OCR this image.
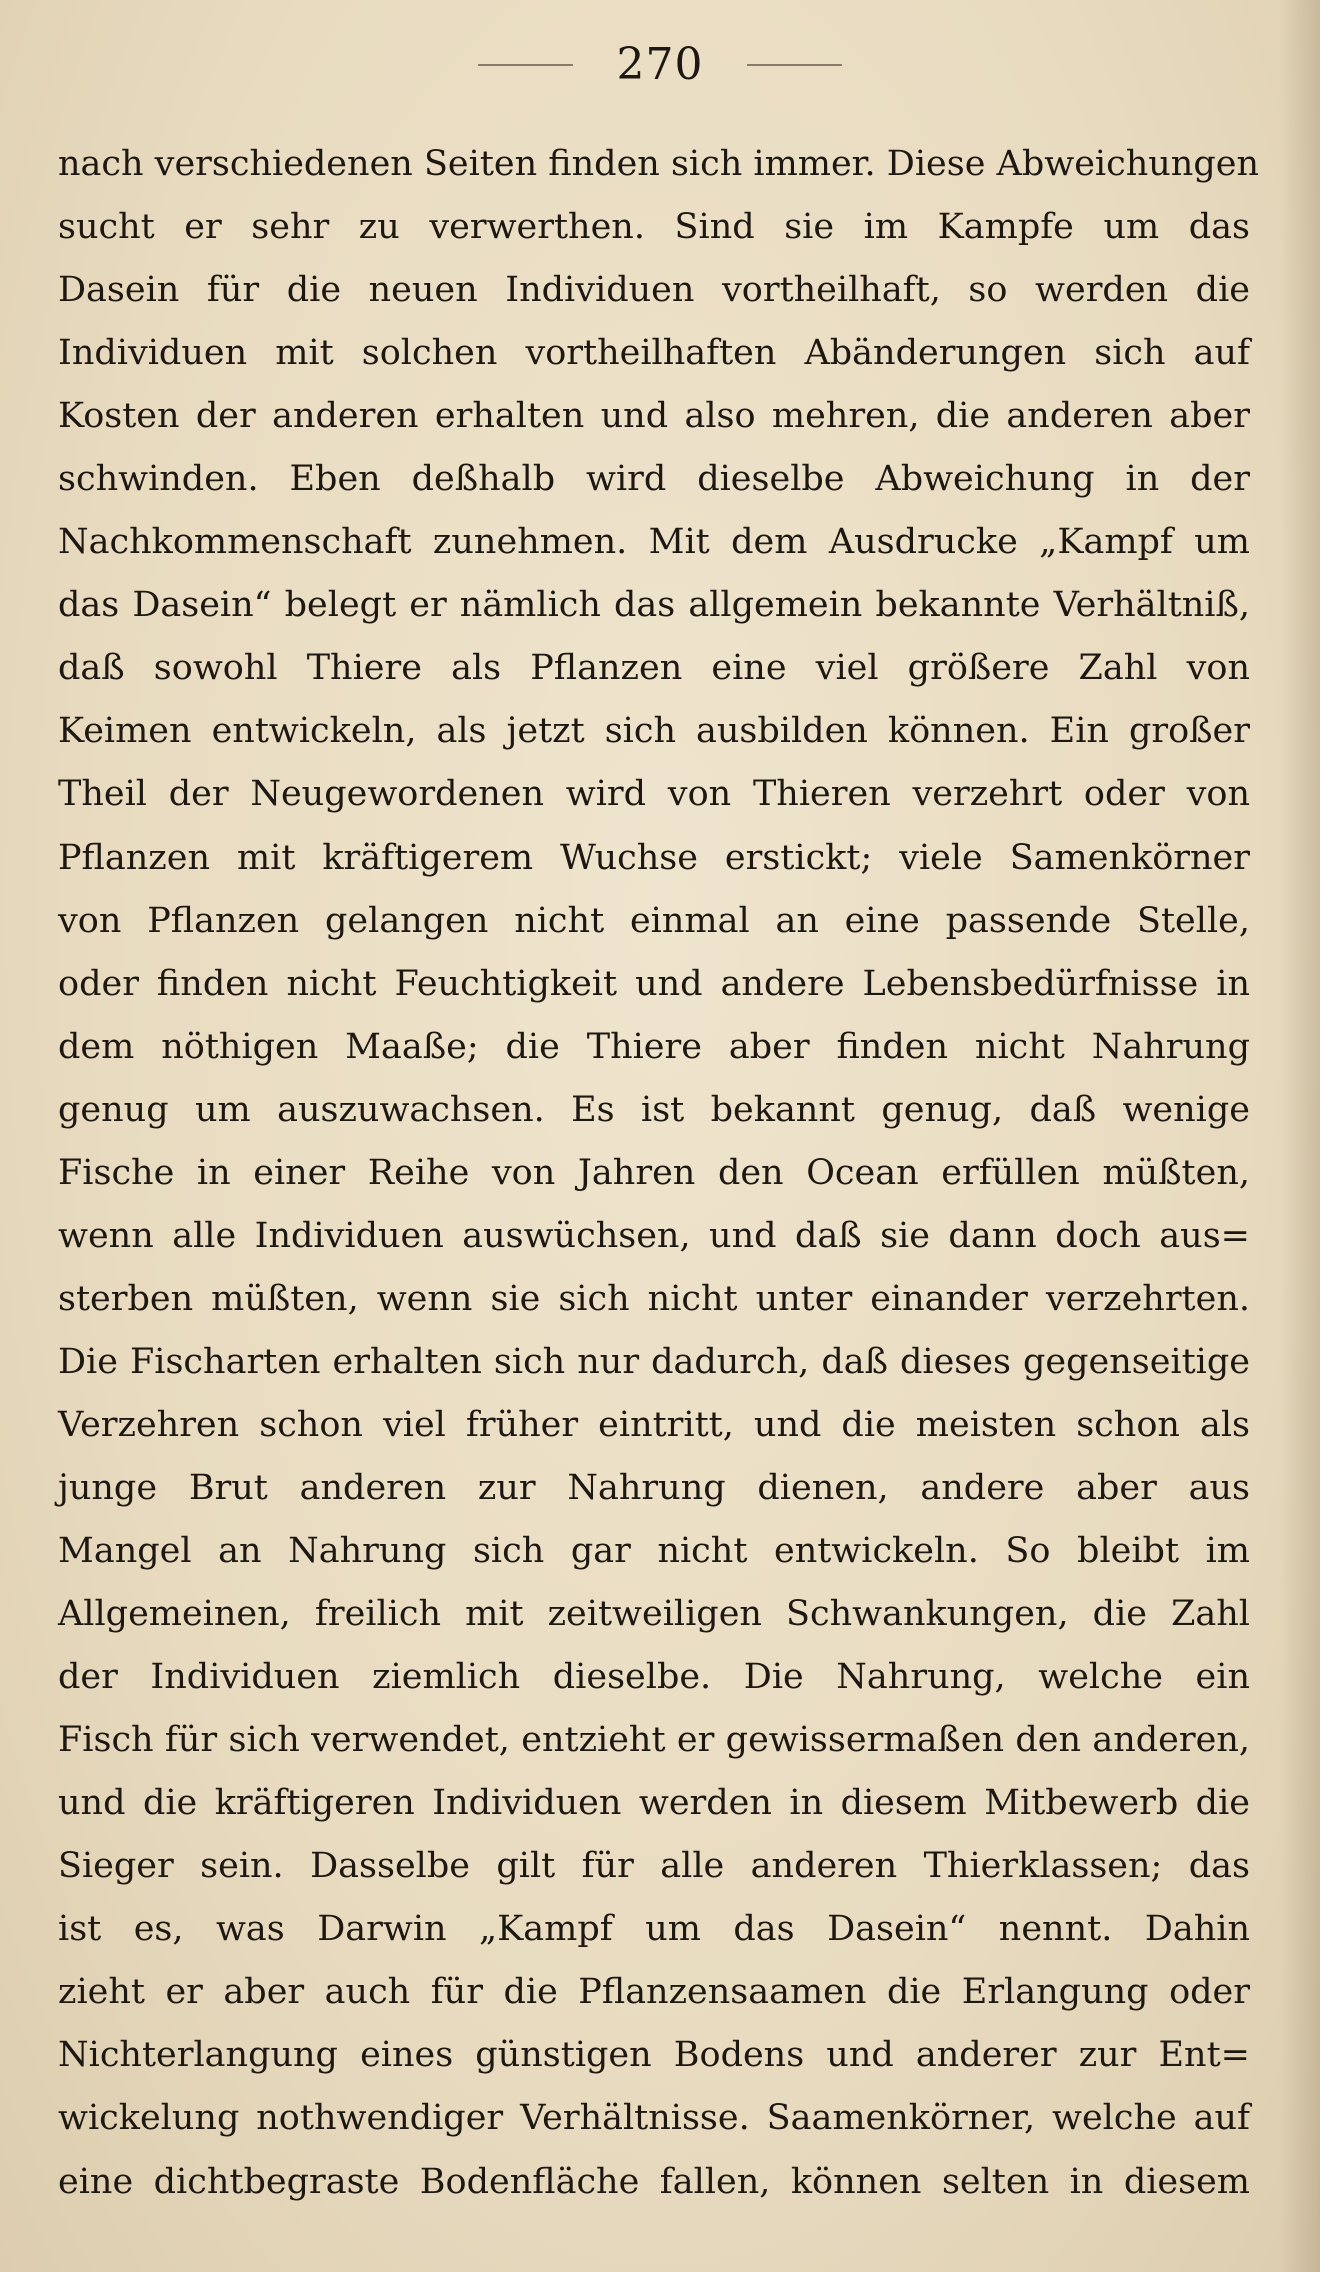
270
nach verschiedenen Seiten finden sich immer. Diese Abweichungen
sucht er sehr zu verwerthen. Sind sie im Kampfe um das
Dasein für die neuen Individuen vortheilhaft, so werden die
Individuen mit solchen vortheilhaften Abänderungen sich auf
Kosten der anderen erhalten und also mehren, die anderen aber
schwinden. Eben deßhalb wird dieselbe Abweichung in der
Nachkommenschaft zunehmen. Mit dem Ausdrucke „Kampf um
das Dasein“ belegt er nämlich das allgemein bekannte Verhältniß,
daß sowohl Thiere als Pflanzen eine viel größere Zahl von
Keimen entwickeln, als jetzt sich ausbilden können. Ein großer
Theil der Neugewordenen wird von Thieren verzehrt oder von
Pflanzen mit kräftigerem Wuchse erstickt; viele Samenkörner
von Pflanzen gelangen nicht einmal an eine passende Stelle,
oder finden nicht Feuchtigkeit und andere Lebensbedürfnisse in
dem nöthigen Maaße; die Thiere aber finden nicht Nahrung
genug um auszuwachsen. Es ist bekannt genug, daß wenige
Fische in einer Reihe von Jahren den Ocean erfüllen müßten,
wenn alle Individuen auswüchsen, und daß sie dann doch aus=
sterben müßten, wenn sie sich nicht unter einander verzehrten.
Die Fischarten erhalten sich nur dadurch, daß dieses gegenseitige
Verzehren schon viel früher eintritt, und die meisten schon als
junge Brut anderen zur Nahrung dienen, andere aber aus
Mangel an Nahrung sich gar nicht entwickeln. So bleibt im
Allgemeinen, freilich mit zeitweiligen Schwankungen, die Zahl
der Individuen ziemlich dieselbe. Die Nahrung, welche ein
Fisch für sich verwendet, entzieht er gewissermaßen den anderen,
und die kräftigeren Individuen werden in diesem Mitbewerb die
Sieger sein. Dasselbe gilt für alle anderen Thierklassen; das
ist es, was Darwin „Kampf um das Dasein“ nennt. Dahin
zieht er aber auch für die Pflanzensaamen die Erlangung oder
Nichterlangung eines günstigen Bodens und anderer zur Ent=
wickelung nothwendiger Verhältnisse. Saamenkörner, welche auf
eine dichtbegraste Bodenfläche fallen, können selten in diesem
